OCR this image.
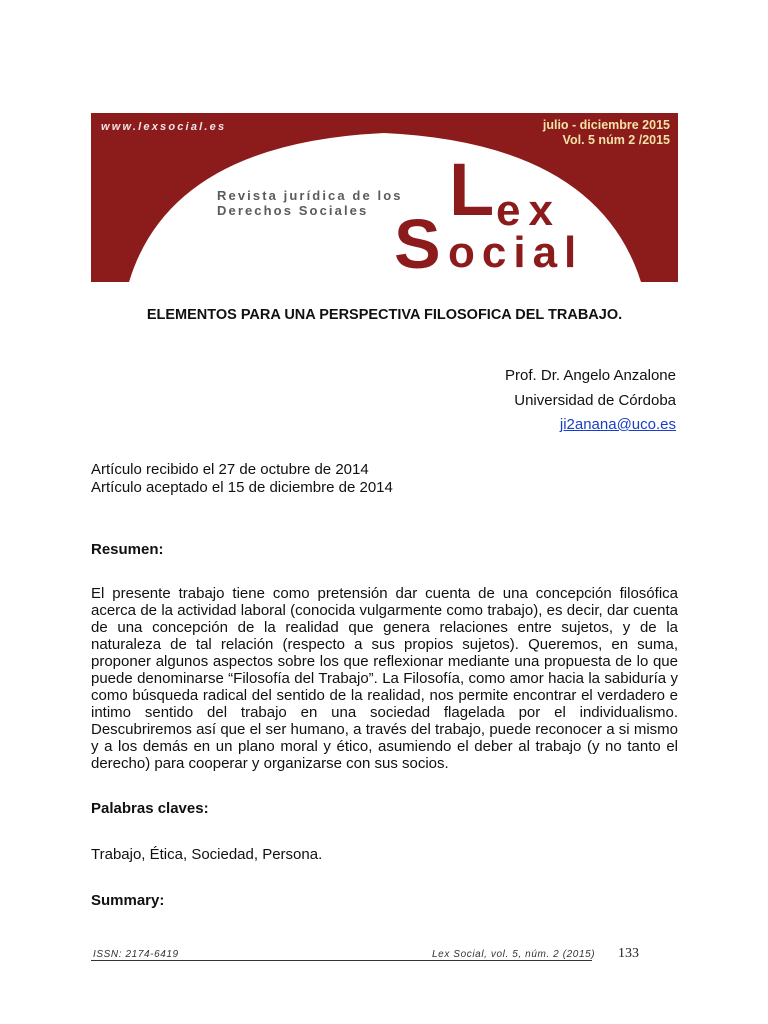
www.lexsocial.es	julio - diciembre 2015
Vol. 5 núm 2 /2015
Revista jurídica de los
Derechos Sociales	L ex
S ocial
ELEMENTOS PARA UNA PERSPECTIVA FILOSOFICA DEL TRABAJO.
Prof. Dr. Angelo Anzalone
Universidad de Córdoba
ji2anana@uco.es
Artículo recibido el 27 de octubre de 2014
Artículo aceptado el 15 de diciembre de 2014
Resumen:
El presente trabajo tiene como pretensión dar cuenta de una concepción filosófica acerca de la actividad laboral (conocida vulgarmente como trabajo), es decir, dar cuenta de una concepción de la realidad que genera relaciones entre sujetos, y de la naturaleza de tal relación (respecto a sus propios sujetos). Queremos, en suma, proponer algunos aspectos sobre los que reflexionar mediante una propuesta de lo que puede denominarse “Filosofía del Trabajo”. La Filosofía, como amor hacia la sabiduría y como búsqueda radical del sentido de la realidad, nos permite encontrar el verdadero e intimo sentido del trabajo en una sociedad flagelada por el individualismo. Descubriremos así que el ser humano, a través del trabajo, puede reconocer a si mismo y a los demás en un plano moral y ético, asumiendo el deber al trabajo (y no tanto el derecho) para cooperar y organizarse con sus socios.
Palabras claves:
Trabajo, Ética, Sociedad, Persona.
Summary:
ISSN: 2174-6419	Lex Social, vol. 5, núm. 2 (2015) 133
